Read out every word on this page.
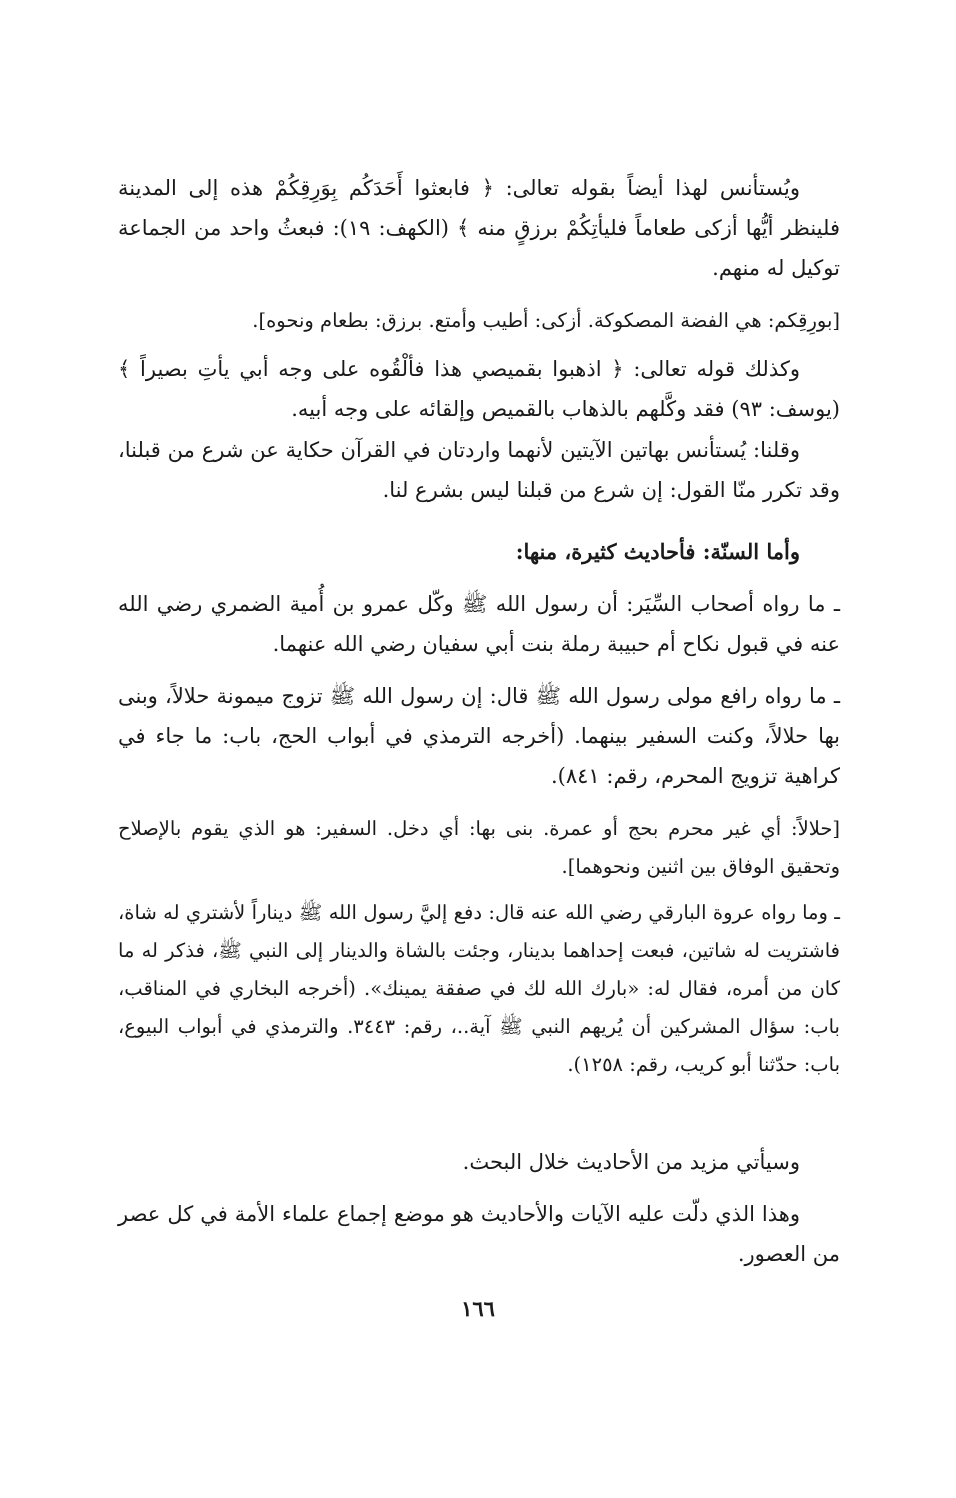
ويُستأنس لهذا أيضاً بقوله تعالى: ﴿ فابعثوا أَحَدَكُم بِوَرِقِكُمْ هذه إلى المدينة فلينظر أيُّها أزكى طعاماً فليأتِكُمْ برزقٍ منه ﴾ (الكهف: ١٩): فبعثُ واحد من الجماعة توكيل له منهم.

[بورِقِكم: هي الفضة المصكوكة. أزكى: أطيب وأمتع. برزق: بطعام ونحوه].

وكذلك قوله تعالى: ﴿ اذهبوا بقميصي هذا فألْقُوه على وجه أبي يأتِ بصيراً ﴾ (يوسف: ٩٣) فقد وكَّلهم بالذهاب بالقميص وإلقائه على وجه أبيه.

وقلنا: يُستأنس بهاتين الآيتين لأنهما واردتان في القرآن حكاية عن شرع من قبلنا، وقد تكرر منّا القول: إن شرع من قبلنا ليس بشرع لنا.

وأما السنّة: فأحاديث كثيرة، منها:

ـ ما رواه أصحاب السِّيَر: أن رسول الله ﷺ وكّل عمرو بن أُمية الضمري رضي الله عنه في قبول نكاح أم حبيبة رملة بنت أبي سفيان رضي الله عنهما.

ـ ما رواه رافع مولى رسول الله ﷺ قال: إن رسول الله ﷺ تزوج ميمونة حلالاً، وبنى بها حلالاً، وكنت السفير بينهما. (أخرجه الترمذي في أبواب الحج، باب: ما جاء في كراهية تزويج المحرم، رقم: ٨٤١).

[حلالاً: أي غير محرم بحج أو عمرة. بنى بها: أي دخل. السفير: هو الذي يقوم بالإصلاح وتحقيق الوفاق بين اثنين ونحوهما].

ـ وما رواه عروة البارقي رضي الله عنه قال: دفع إليَّ رسول الله ﷺ ديناراً لأشتري له شاة، فاشتريت له شاتين، فبعت إحداهما بدينار، وجئت بالشاة والدينار إلى النبي ﷺ، فذكر له ما كان من أمره، فقال له: «بارك الله لك في صفقة يمينك». (أخرجه البخاري في المناقب، باب: سؤال المشركين أن يُريهم النبي ﷺ آية..، رقم: ٣٤٤٣. والترمذي في أبواب البيوع، باب: حدّثنا أبو كريب، رقم: ١٢٥٨).

وسيأتي مزيد من الأحاديث خلال البحث.

وهذا الذي دلّت عليه الآيات والأحاديث هو موضع إجماع علماء الأمة في كل عصر من العصور.

١٦٦
